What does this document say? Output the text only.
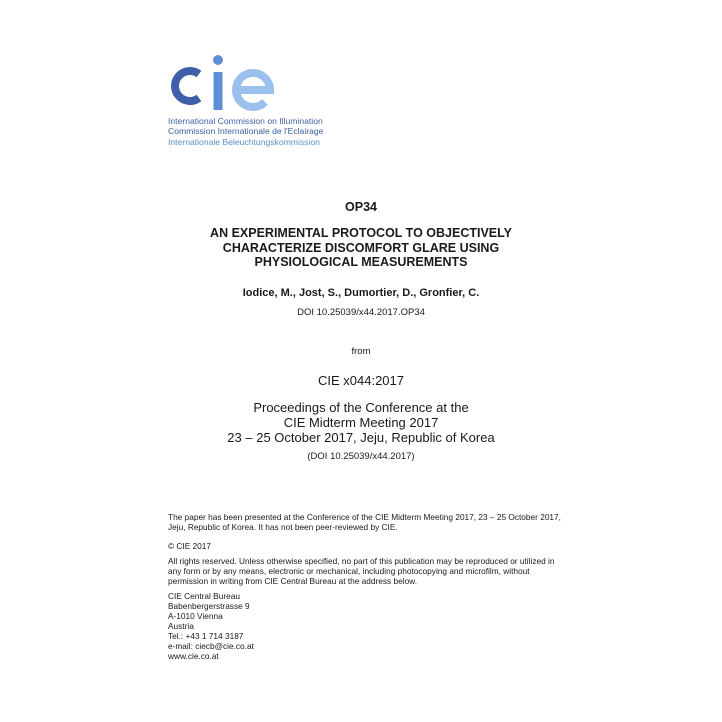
International Commission on Illumination
Commission Internationale de l'Eclairage
Internationale Beleuchtungskommission
OP34
AN EXPERIMENTAL PROTOCOL TO OBJECTIVELY
CHARACTERIZE DISCOMFORT GLARE USING
PHYSIOLOGICAL MEASUREMENTS
Iodice, M., Jost, S., Dumortier, D., Gronfier, C.
DOI 10.25039/x44.2017.OP34
from
CIE x044:2017
Proceedings of the Conference at the
CIE Midterm Meeting 2017
23 – 25 October 2017, Jeju, Republic of Korea
(DOI 10.25039/x44.2017)
The paper has been presented at the Conference of the CIE Midterm Meeting 2017, 23 – 25 October 2017, Jeju, Republic of Korea. It has not been peer-reviewed by CIE.
© CIE 2017
All rights reserved. Unless otherwise specified, no part of this publication may be reproduced or utilized in any form or by any means, electronic or mechanical, including photocopying and microfilm, without permission in writing from CIE Central Bureau at the address below.
CIE Central Bureau
Babenbergerstrasse 9
A-1010 Vienna
Austria
Tel.: +43 1 714 3187
e-mail: ciecb@cie.co.at
www.cie.co.at
